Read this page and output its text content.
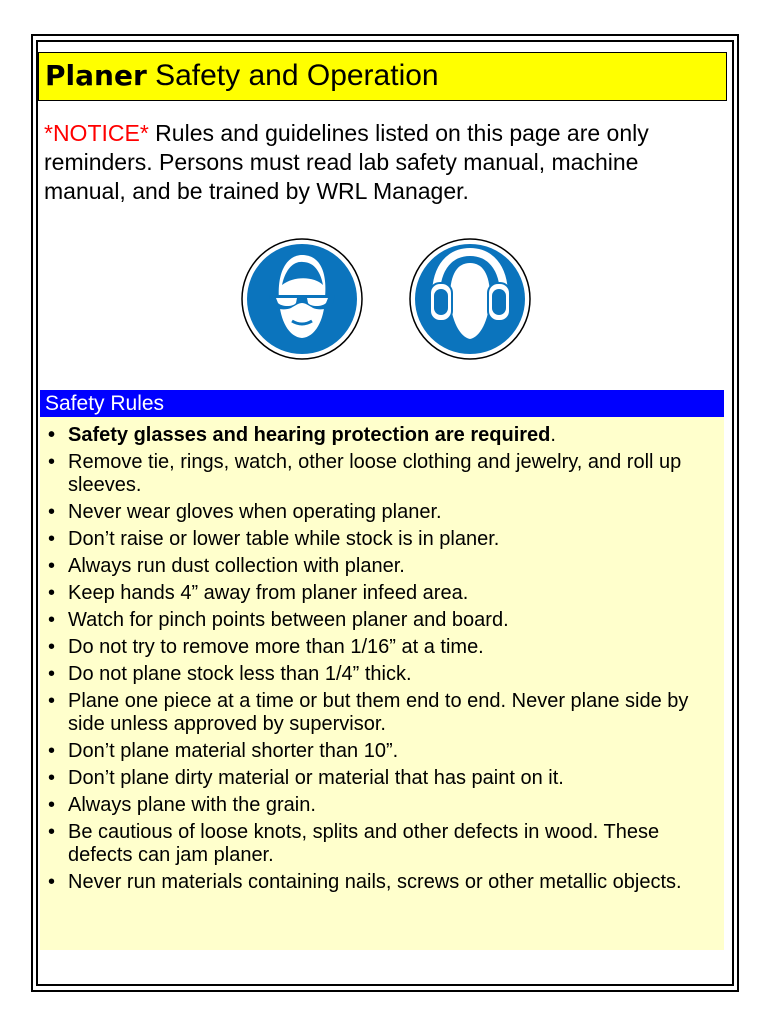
Planer Safety and Operation
*NOTICE* Rules and guidelines listed on this page are only reminders. Persons must read lab safety manual, machine manual, and be trained by WRL Manager.
Safety Rules
• Safety glasses and hearing protection are required.
• Remove tie, rings, watch, other loose clothing and jewelry, and roll up sleeves.
• Never wear gloves when operating planer.
• Don’t raise or lower table while stock is in planer.
• Always run dust collection with planer.
• Keep hands 4” away from planer infeed area.
• Watch for pinch points between planer and board.
• Do not try to remove more than 1/16” at a time.
• Do not plane stock less than 1/4” thick.
• Plane one piece at a time or but them end to end. Never plane side by side unless approved by supervisor.
• Don’t plane material shorter than 10”.
• Don’t plane dirty material or material that has paint on it.
• Always plane with the grain.
• Be cautious of loose knots, splits and other defects in wood. These defects can jam planer.
• Never run materials containing nails, screws or other metallic objects.
